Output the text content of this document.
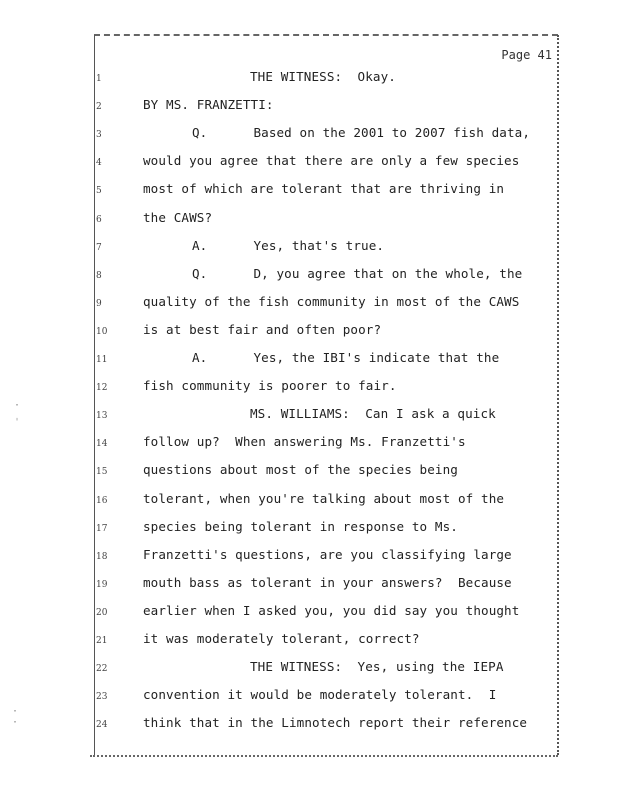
Page 41
1	THE WITNESS:  Okay.
2	BY MS. FRANZETTI:
3	Q.      Based on the 2001 to 2007 fish data,
4	would you agree that there are only a few species
5	most of which are tolerant that are thriving in
6	the CAWS?
7	A.      Yes, that's true.
8	Q.      D, you agree that on the whole, the
9	quality of the fish community in most of the CAWS
10	is at best fair and often poor?
11	A.      Yes, the IBI's indicate that the
12	fish community is poorer to fair.
13	MS. WILLIAMS:  Can I ask a quick
14	follow up?  When answering Ms. Franzetti's
15	questions about most of the species being
16	tolerant, when you're talking about most of the
17	species being tolerant in response to Ms.
18	Franzetti's questions, are you classifying large
19	mouth bass as tolerant in your answers?  Because
20	earlier when I asked you, you did say you thought
21	it was moderately tolerant, correct?
22	THE WITNESS:  Yes, using the IEPA
23	convention it would be moderately tolerant.  I
24	think that in the Limnotech report their reference
·
ˌ
·
·
